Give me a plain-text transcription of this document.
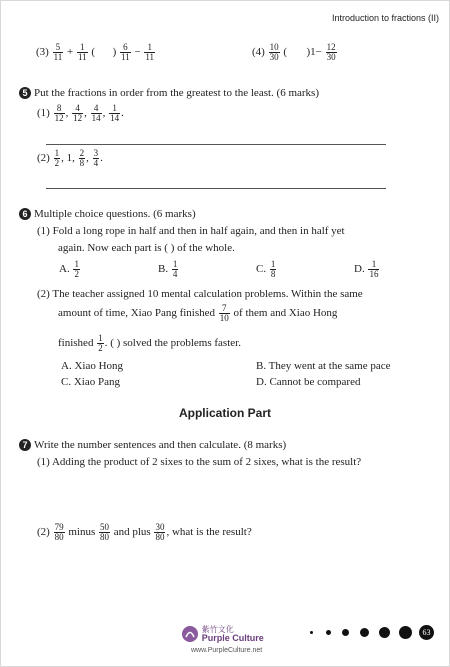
Introduction to fractions (II)
$(3) \frac{5}{11} + \frac{1}{11}$ ( ) $\frac{6}{11} - \frac{1}{11}$	$(4) \frac{10}{30}$ ( )$1- \frac{12}{30}$
5 Put the fractions in order from the greatest to the least. (6 marks)
$(1) \frac{8}{12}$ , $\frac{4}{12}$ , $\frac{4}{14}$ , $\frac{1}{14}$ .
$(2) \frac{1}{2}$ , 1, $\frac{2}{8}$ , $\frac{3}{4}$ .
6 Multiple choice questions. (6 marks)
(1) Fold a long rope in half and then in half again, and then in half yet
again. Now each part is ( ) of the whole.
A. $\frac{1}{2}$	B. $\frac{1}{4}$	C. $\frac{1}{8}$	D. $\frac{1}{16}$
(2) The teacher assigned 10 mental calculation problems. Within the same
amount of time, Xiao Pang finished $\frac{7}{10}$ of them and Xiao Hong
finished $\frac{1}{2}$ . ( ) solved the problems faster.
A. Xiao Hong	B. They went at the same pace
C. Xiao Pang	D. Cannot be compared
Application Part
7 Write the number sentences and then calculate. (8 marks)
(1) Adding the product of 2 sixes to the sum of 2 sixes, what is the result?
$(2) \frac{79}{80}$ minus $\frac{50}{80}$ and plus $\frac{30}{80}$ , what is the result?

紫竹文化
Purple Culture
www.PurpleCulture.net
63
